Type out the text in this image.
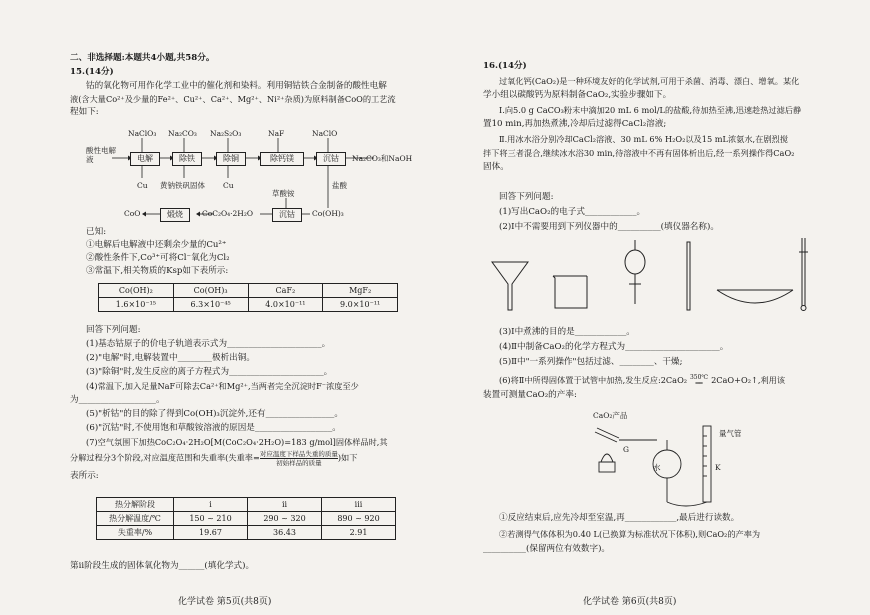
二、非选择题:本题共4小题,共58分。
15.(14分)
钴的氧化物可用作化学工业中的催化剂和染料。利用铜钴铁合金制备的酸性电解
液(含大量Co²⁺及少量的Fe²⁺、Cu²⁺、Ca²⁺、Mg²⁺、Ni²⁺杂质)为原料制备CoO的工艺流
程如下:
酸性电解液
NaClO₃ Na₂CO₃ Na₂S₂O₃	NaF	NaClO
电解	除铁	除铜	除钙镁	沉钴	Na₂CO₃和NaOH
Cu 黄钠铁矾固体 Cu
草酸铵
盐酸
CoO	煅烧	CoC₂O₄·2H₂O	沉钴	Co(OH)₃
已知:
①电解后电解液中还剩余少量的Cu²⁺
②酸性条件下,Co³⁺可将Cl⁻氧化为Cl₂
③常温下,相关物质的Ksp如下表所示:
Co(OH)₂	Co(OH)₃	CaF₂	MgF₂
1.6×10⁻¹⁵	6.3×10⁻⁴⁵	4.0×10⁻¹¹	9.0×10⁻¹¹
回答下列问题:
(1)基态钴原子的价电子轨道表示式为______________________。
(2)"电解"时,电解装置中________极析出铜。
(3)"除铜"时,发生反应的离子方程式为______________________。
(4)常温下,加入足量NaF可除去Ca²⁺和Mg²⁺,当两者完全沉淀时F⁻浓度至少
为__________________。
(5)"析钴"的目的除了得到Co(OH)₃沉淀外,还有________________。
(6)"沉钴"时,不使用饱和草酸铵溶液的原因是__________________。
(7)空气氛围下加热CoC₂O₄·2H₂O[M(CoC₂O₄·2H₂O)=183 g/mol]固体样品时,其
分解过程分3个阶段,对应温度范围和失重率(失重率= 对应温度下样品失重的质量
初始样品的质量
)如下
表所示:
热分解阶段	i	ii	iii
热分解温度/℃	150 ~ 210	290 ~ 320	890 ~ 920
失重率/%	19.67	36.43	2.91
第ii阶段生成的固体氧化物为______(填化学式)。
化学试卷 第5页(共8页)
16.(14分)
过氧化钙(CaO₂)是一种环境友好的化学试剂,可用于杀菌、消毒、漂白、增氧。某化
学小组以碳酸钙为原料制备CaO₂,实验步骤如下。
Ⅰ.向5.0 g CaCO₃粉末中滴加20 mL 6 mol/L的盐酸,待加热至沸,迅速趁热过滤后静
置10 min,再加热煮沸,冷却后过滤得CaCl₂溶液;
Ⅱ.用冰水浴分别冷却CaCl₂溶液、30 mL 6% H₂O₂以及15 mL浓氨水,在剧烈搅
拌下将三者混合,继续冰水浴30 min,待溶液中不再有固体析出后,经一系列操作得CaO₂
固体。
回答下列问题:
(1)写出CaO₂的电子式____________。
(2)Ⅰ中不需要用到下列仪器中的__________(填仪器名称)。
(3)Ⅰ中煮沸的目的是____________。
(4)Ⅱ中制备CaO₂的化学方程式为______________________。
(5)Ⅱ中"一系列操作"包括过滤、________、干燥;
(6)将Ⅱ中所得固体置于试管中加热,发生反应:2CaO₂ 350℃
══	2CaO+O₂↑,利用该
装置可测量CaO₂的产率:
CaO₂产品
量气管
水
G
K
①反应结束后,应先冷却至室温,再____________,最后进行读数。
②若测得气体体积为0.40 L(已换算为标准状况下体积),则CaO₂的产率为
__________(保留两位有效数字)。
化学试卷 第6页(共8页)
